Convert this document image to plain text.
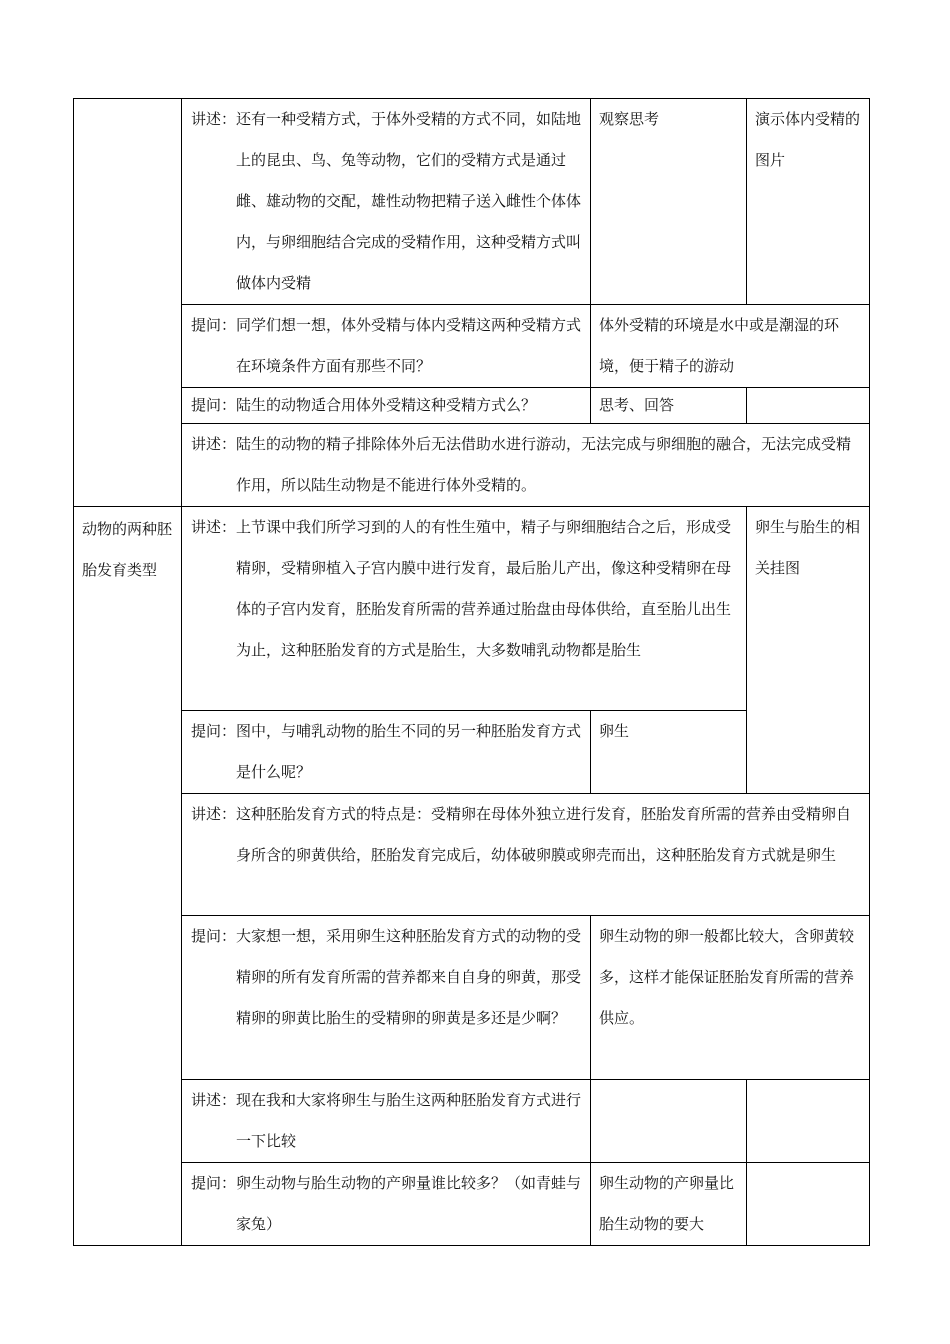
	讲述： 还有一种受精方式，于体外受精的方式不同，如陆地上的昆虫、鸟、兔等动物，它们的受精方式是通过雌、雄动物的交配，雄性动物把精子送入雌性个体体内，与卵细胞结合完成的受精作用，这种受精方式叫做体内受精	观察思考	演示体内受精的图片

	提问： 同学们想一想，体外受精与体内受精这两种受精方式在环境条件方面有那些不同？	体外受精的环境是水中或是潮湿的环境，便于精子的游动	

	提问： 陆生的动物适合用体外受精这种受精方式么？	思考、回答	

	讲述： 陆生的动物的精子排除体外后无法借助水进行游动，无法完成与卵细胞的融合，无法完成受精作用，所以陆生动物是不能进行体外受精的。		

动物的两种胚胎发育类型	讲述： 上节课中我们所学习到的人的有性生殖中，精子与卵细胞结合之后，形成受精卵，受精卵植入子宫内膜中进行发育，最后胎儿产出，像这种受精卵在母体的子宫内发育，胚胎发育所需的营养通过胎盘由母体供给，直至胎儿出生为止，这种胚胎发育的方式是胎生，大多数哺乳动物都是胎生		卵生与胎生的相关挂图

	提问： 图中，与哺乳动物的胎生不同的另一种胚胎发育方式是什么呢？	卵生	

	讲述： 这种胚胎发育方式的特点是：受精卵在母体外独立进行发育，胚胎发育所需的营养由受精卵自身所含的卵黄供给，胚胎发育完成后，幼体破卵膜或卵壳而出，这种胚胎发育方式就是卵生		

	提问： 大家想一想，采用卵生这种胚胎发育方式的动物的受精卵的所有发育所需的营养都来自自身的卵黄，那受精卵的卵黄比胎生的受精卵的卵黄是多还是少啊？	卵生动物的卵一般都比较大，含卵黄较多，这样才能保证胚胎发育所需的营养供应。	

	讲述： 现在我和大家将卵生与胎生这两种胚胎发育方式进行一下比较		

	提问： 卵生动物与胎生动物的产卵量谁比较多？（如青蛙与家兔）	卵生动物的产卵量比胎生动物的要大	
